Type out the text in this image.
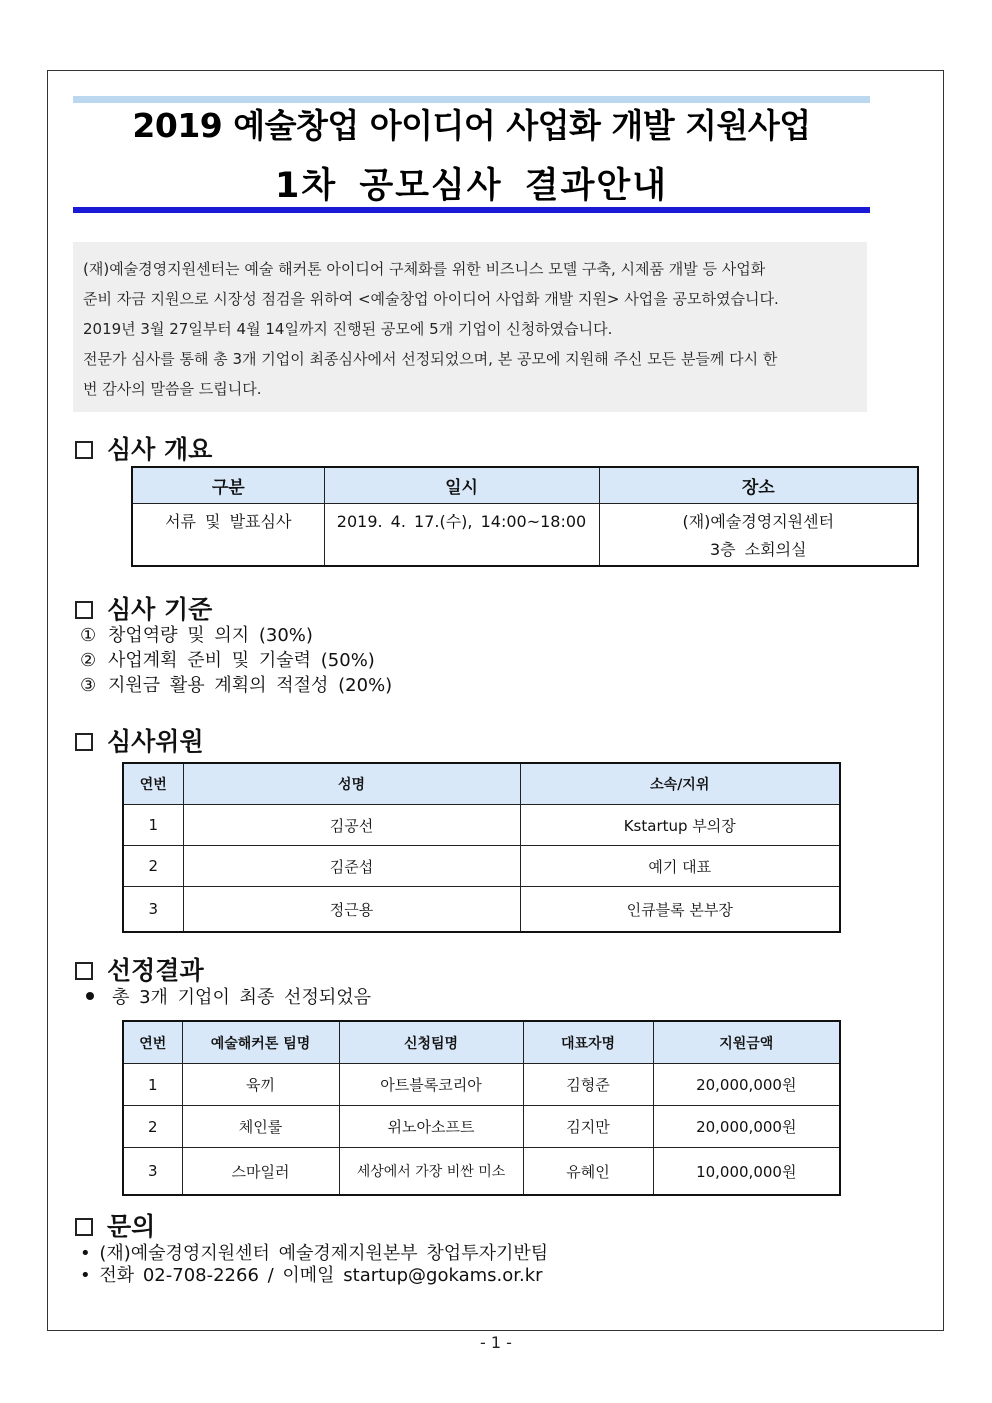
2019 예술창업 아이디어 사업화 개발 지원사업
1차 공모심사 결과안내

(재)예술경영지원센터는 예술 해커톤 아이디어 구체화를 위한 비즈니스 모델 구축, 시제품 개발 등 사업화

준비 자금 지원으로 시장성 점검을 위하여 <예술창업 아이디어 사업화 개발 지원> 사업을 공모하였습니다.

2019년 3월 27일부터 4월 14일까지 진행된 공모에 5개 기업이 신청하였습니다.

전문가 심사를 통해 총 3개 기업이 최종심사에서 선정되었으며, 본 공모에 지원해 주신 모든 분들께 다시 한

번 감사의 말씀을 드립니다.

심사 개요
구분	일시	장소
서류 및 발표심사	2019. 4. 17.(수), 14:00~18:00	(재)예술경영지원센터
3층 소회의실
심사 기준
① 창업역량 및 의지 (30%)
② 사업계획 준비 및 기술력 (50%)
③ 지원금 활용 계획의 적절성 (20%)
심사위원
연번	성명	소속/지위
1	김공선	Kstartup 부의장
2	김준섭	예기 대표
3	정근용	인큐블록 본부장
선정결과
총 3개 기업이 최종 선정되었음
연번	예술해커톤 팀명	신청팀명	대표자명	지원금액
1	육끼	아트블록코리아	김형준	20,000,000원
2	체인룰	위노아소프트	김지만	20,000,000원
3	스마일러	세상에서 가장 비싼 미소	유혜인	10,000,000원
문의
• (재)예술경영지원센터 예술경제지원본부 창업투자기반팀
• 전화 02-708-2266 / 이메일 startup@gokams.or.kr
- 1 -
